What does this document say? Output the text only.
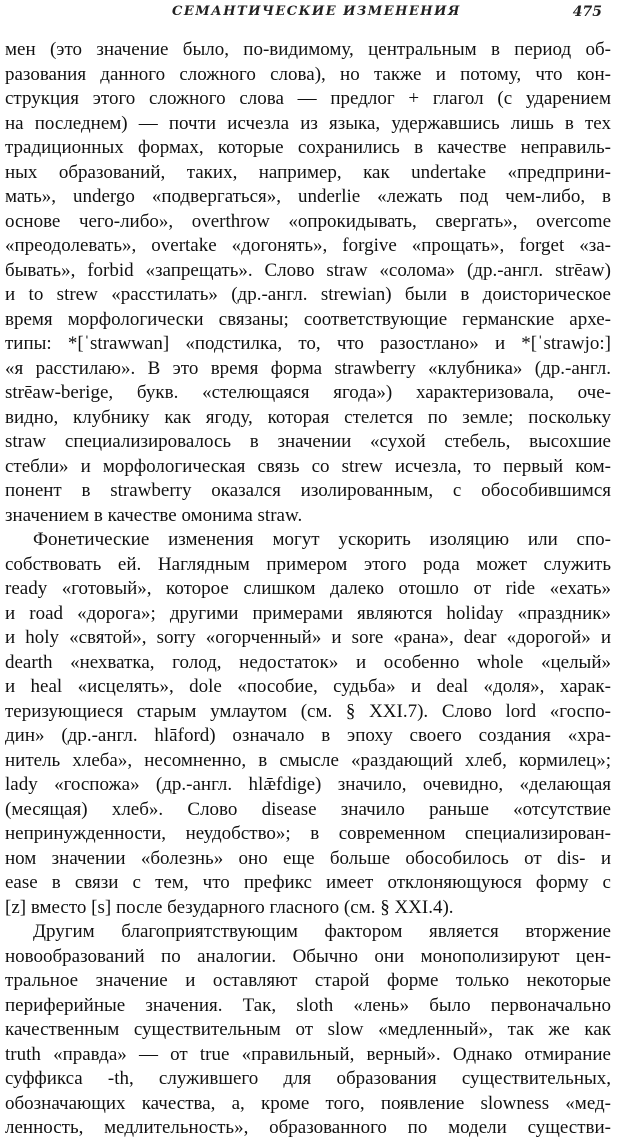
СЕМАНТИЧЕСКИЕ ИЗМЕНЕНИЯ	475
мен (это значение было, по-видимому, центральным в период об-
разования данного сложного слова), но также и потому, что кон-
струкция этого сложного слова — предлог + глагол (с ударением
на последнем) — почти исчезла из языка, удержавшись лишь в тех
традиционных формах, которые сохранились в качестве неправиль-
ных образований, таких, например, как undertake «предприни-
мать», undergo «подвергаться», underlie «лежать под чем-либо, в
основе чего-либо», overthrow «опрокидывать, свергать», overcome
«преодолевать», overtake «догонять», forgive «прощать», forget «за-
бывать», forbid «запрещать». Слово straw «солома» (др.-англ. strēaw)
и to strew «расстилать» (др.-англ. strewian) были в доисторическое
время морфологически связаны; соответствующие германские архе-
типы: *[ˈstrawwan] «подстилка, то, что разостлано» и *[ˈstrawjo:]
«я расстилаю». В это время форма strawberry «клубника» (др.-англ.
strēaw-berige, букв. «стелющаяся ягода») характеризовала, оче-
видно, клубнику как ягоду, которая стелется по земле; поскольку
straw специализировалось в значении «сухой стебель, высохшие
стебли» и морфологическая связь со strew исчезла, то первый ком-
понент в strawberry оказался изолированным, с обособившимся
значением в качестве омонима straw.
Фонетические изменения могут ускорить изоляцию или спо-
собствовать ей. Наглядным примером этого рода может служить
ready «готовый», которое слишком далеко отошло от ride «ехать»
и road «дорога»; другими примерами являются holiday «праздник»
и holy «святой», sorry «огорченный» и sore «рана», dear «дорогой» и
dearth «нехватка, голод, недостаток» и особенно whole «целый»
и heal «исцелять», dole «пособие, судьба» и deal «доля», харак-
теризующиеся старым умлаутом (см. § XXI.7). Слово lord «госпо-
дин» (др.-англ. hlāford) означало в эпоху своего создания «хра-
нитель хлеба», несомненно, в смысле «раздающий хлеб, кормилец»;
lady «госпожа» (др.-англ. hlǣfdige) значило, очевидно, «делающая
(месящая) хлеб». Слово disease значило раньше «отсутствие
непринужденности, неудобство»; в современном специализирован-
ном значении «болезнь» оно еще больше обособилось от dis- и
ease в связи с тем, что префикс имеет отклоняющуюся форму с
[z] вместо [s] после безударного гласного (см. § XXI.4).
Другим благоприятствующим фактором является вторжение
новообразований по аналогии. Обычно они монополизируют цен-
тральное значение и оставляют старой форме только некоторые
периферийные значения. Так, sloth «лень» было первоначально
качественным существительным от slow «медленный», так же как
truth «правда» — от true «правильный, верный». Однако отмирание
суффикса -th, служившего для образования существительных,
обозначающих качества, а, кроме того, появление slowness «мед-
ленность, медлительность», образованного по модели существи-
